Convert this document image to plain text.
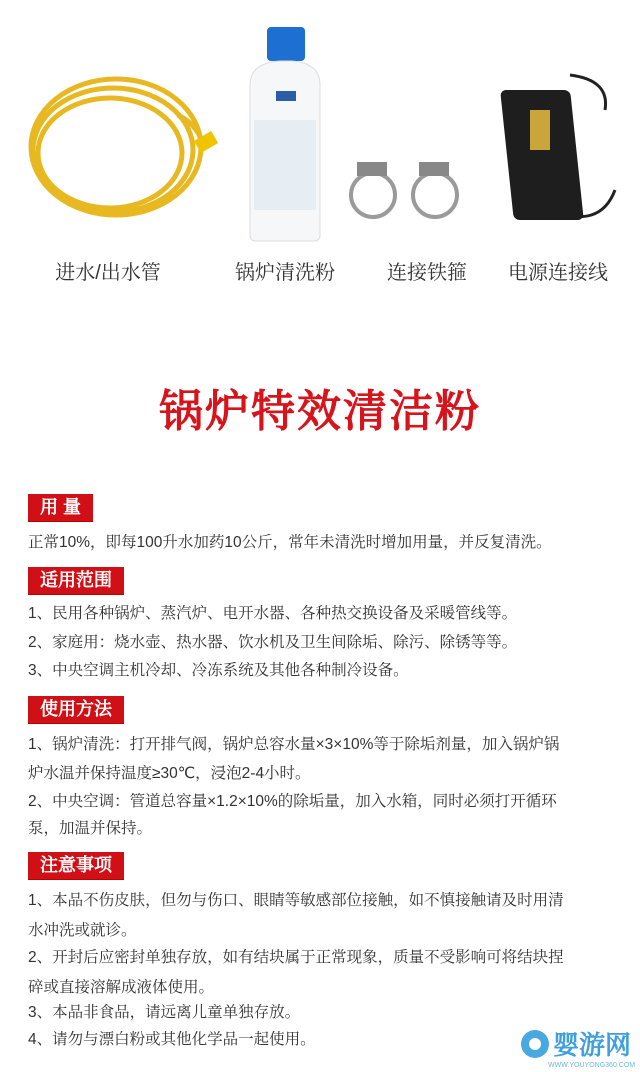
进水/出水管	锅炉清洗粉	连接铁箍	电源连接线
锅炉特效清洁粉
用 量
正常10%，即每100升水加药10公斤，常年未清洗时增加用量，并反复清洗。
适用范围
1、民用各种锅炉、蒸汽炉、电开水器、各种热交换设备及采暖管线等。
2、家庭用：烧水壶、热水器、饮水机及卫生间除垢、除污、除锈等等。
3、中央空调主机冷却、冷冻系统及其他各种制冷设备。
使用方法
1、锅炉清洗：打开排气阀，锅炉总容水量×3×10%等于除垢剂量，加入锅炉锅
炉水温并保持温度≥30℃，浸泡2-4小时。
2、中央空调：管道总容量×1.2×10%的除垢量，加入水箱，同时必须打开循环
泵，加温并保持。
注意事项
1、本品不伤皮肤，但勿与伤口、眼睛等敏感部位接触，如不慎接触请及时用清
水冲洗或就诊。
2、开封后应密封单独存放，如有结块属于正常现象，质量不受影响可将结块捏
碎或直接溶解成液体使用。
3、本品非食品，请远离儿童单独存放。
4、请勿与漂白粉或其他化学品一起使用。	婴游网
WWW.YOUYONG360.COM
